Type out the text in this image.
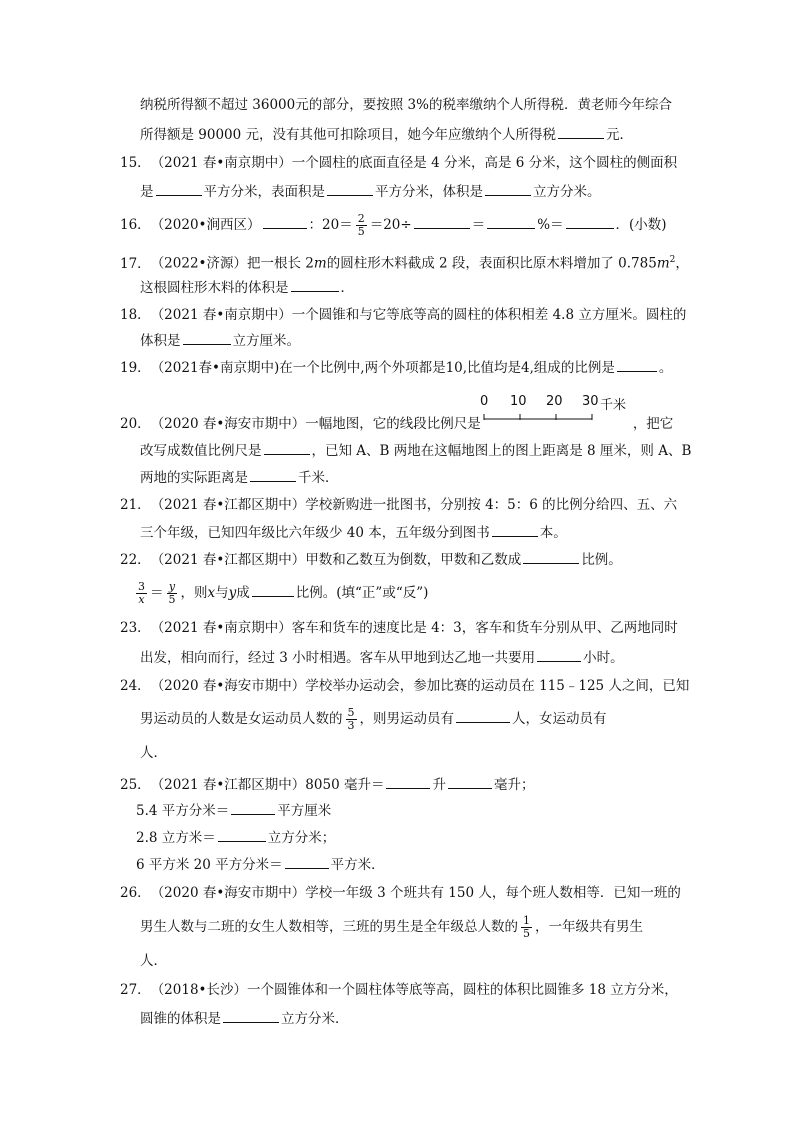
纳税所得额不超过 36000元的部分，要按照 3%的税率缴纳个人所得税．黄老师今年综合
所得额是 90000 元，没有其他可扣除项目，她今年应缴纳个人所得税	元．
15．（2021 春•南京期中）一个圆柱的底面直径是 4 分米，高是 6 分米，这个圆柱的侧面积
是	平方分米，表面积是	平方分米，体积是	立方分米。
16．（2020•涧西区）	：$20= \frac{2}{5} =20\div$	＝	%＝	．(小数)
17．（2022•济源）把一根长 2m的圆柱形木料截成 2 段，表面积比原木料增加了 $0.785m^2$，
这根圆柱形木料的体积是	．
18．（2021 春•南京期中）一个圆锥和与它等底等高的圆柱的体积相差 4.8 立方厘米。圆柱的
体积是	立方厘米。
19．（2021春•南京期中)在一个比例中,两个外项都是10,比值均是4,组成的比例是	。
0 10 20 30 千米
20．（2020 春•海安市期中）一幅地图，它的线段比例尺是	，把它
改写成数值比例尺是	，已知 A、B 两地在这幅地图上的图上距离是 8 厘米，则 A、B
两地的实际距离是	千米．
21．（2021 春•江都区期中）学校新购进一批图书，分别按 4：5：6 的比例分给四、五、六
三个年级，已知四年级比六年级少 40 本，五年级分到图书	本。
22．（2021 春•江都区期中）甲数和乙数互为倒数，甲数和乙数成	比例。
$\frac{3}{x} = \frac{y}{5}$ ，则x与y成	比例。(填“正”或“反”)
23．（2021 春•南京期中）客车和货车的速度比是 4：3，客车和货车分别从甲、乙两地同时
出发，相向而行，经过 3 小时相遇。客车从甲地到达乙地一共要用	小时。
24．（2020 春•海安市期中）学校举办运动会，参加比赛的运动员在 115﹣125 人之间，已知
男运动员的人数是女运动员人数的 $\frac{5}{3}$ ，则男运动员有	人，女运动员有
人．
25．（2021 春•江都区期中）8050 毫升＝	升	毫升；
5.4 平方分米＝	平方厘米
2.8 立方米＝	立方分米；
6 平方米 20 平方分米＝	平方米．
26．（2020 春•海安市期中）学校一年级 3 个班共有 150 人，每个班人数相等．已知一班的
男生人数与二班的女生人数相等，三班的男生是全年级总人数的 $\frac{1}{5}$ ，一年级共有男生
人．
27．（2018•长沙）一个圆锥体和一个圆柱体等底等高，圆柱的体积比圆锥多 18 立方分米，
圆锥的体积是	立方分米．
